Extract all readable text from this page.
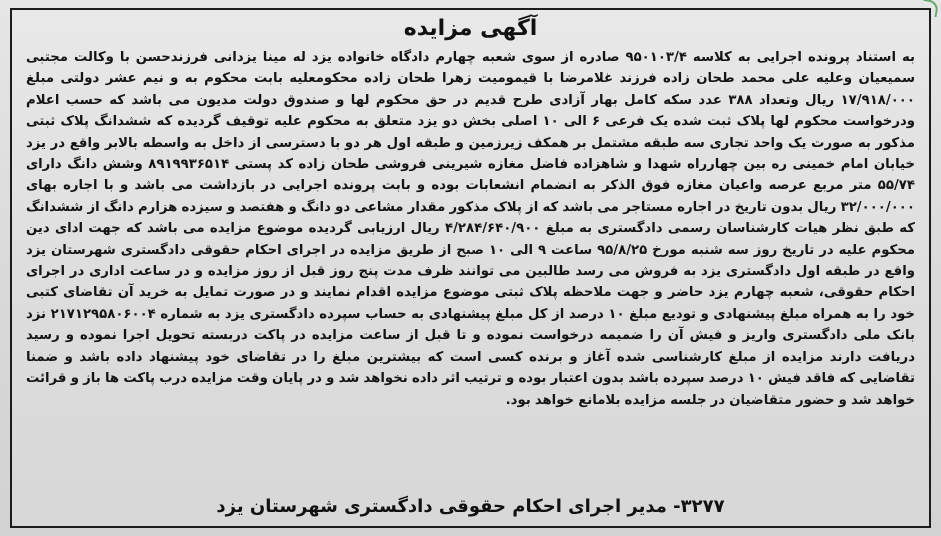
آگهی مزایده
به استناد پرونده اجرایی به کلاسه ۹۵۰۱۰۳/۴ صادره از سوی شعبه چهارم دادگاه خانواده یزد له مینا یزدانی فرزندحسن با وکالت مجتبی سمیعیان وعلیه علی محمد طحان زاده فرزند غلامرضا با قیمومیت زهرا طحان زاده محکومعلیه بابت محکوم به و نیم عشر دولتی مبلغ ۱۷/۹۱۸/۰۰۰ ریال وتعداد ۳۸۸ عدد سکه کامل بهار آزادی طرح قدیم در حق محکوم لها و صندوق دولت مدیون می باشد که حسب اعلام ودرخواست محکوم لها پلاک ثبت شده یک فرعی ۶ الی ۱۰ اصلی بخش دو یزد متعلق به محکوم علیه توقیف گردیده که ششدانگ پلاک ثبتی مذکور به صورت یک واحد تجاری سه طبقه مشتمل بر همکف زیرزمین و طبقه اول هر دو با دسترسی از داخل به واسطه بالابر واقع در یزد خیابان امام خمینی ره بین چهارراه شهدا و شاهزاده فاضل مغازه شیرینی فروشی طحان زاده کد پستی ۸۹۱۹۹۳۶۵۱۴ وشش دانگ دارای ۵۵/۷۴ متر مربع عرصه واعیان مغازه فوق الذکر به انضمام انشعابات بوده و بابت پرونده اجرایی در بازداشت می باشد و با اجاره بهای ۳۲/۰۰۰/۰۰۰ ریال بدون تاریخ در اجاره مستاجر می باشد که از پلاک مذکور مقدار مشاعی دو دانگ و هفتصد و سیزده هزارم دانگ از ششدانگ که طبق نظر هیات کارشناسان رسمی دادگستری به مبلغ ۴/۲۸۴/۶۴۰/۹۰۰ ریال ارزیابی گردیده موضوع مزایده می باشد که جهت ادای دین محکوم علیه در تاریخ روز سه شنبه مورخ ۹۵/۸/۲۵ ساعت ۹ الی ۱۰ صبح از طریق مزایده در اجرای احکام حقوقی دادگستری شهرستان یزد واقع در طبقه اول دادگستری یزد به فروش می رسد طالبین می توانند ظرف مدت پنج روز قبل از روز مزایده و در ساعت اداری در اجرای احکام حقوقی، شعبه چهارم یزد حاضر و جهت ملاحظه پلاک ثبتی موضوع مزایده اقدام نمایند و در صورت تمایل به خرید آن تقاضای کتبی خود را به همراه مبلغ پیشنهادی و تودیع مبلغ ۱۰ درصد از کل مبلغ پیشنهادی به حساب سپرده دادگستری یزد به شماره ۲۱۷۱۲۹۵۸۰۶۰۰۴ نزد بانک ملی دادگستری واریز و فیش آن را ضمیمه درخواست نموده و تا قبل از ساعت مزایده در پاکت دربسته تحویل اجرا نموده و رسید دریافت دارند مزایده از مبلغ کارشناسی شده آغاز و برنده کسی است که بیشترین مبلغ را در تقاضای خود پیشنهاد داده باشد و ضمنا تقاضایی که فاقد فیش ۱۰ درصد سپرده باشد بدون اعتبار بوده و ترتیب اثر داده نخواهد شد و در پایان وقت مزایده درب پاکت ها باز و قرائت خواهد شد و حضور متقاضیان در جلسه مزایده بلامانع خواهد بود.
۳۲۷۷- مدیر اجرای احکام حقوقی دادگستری شهرستان یزد
